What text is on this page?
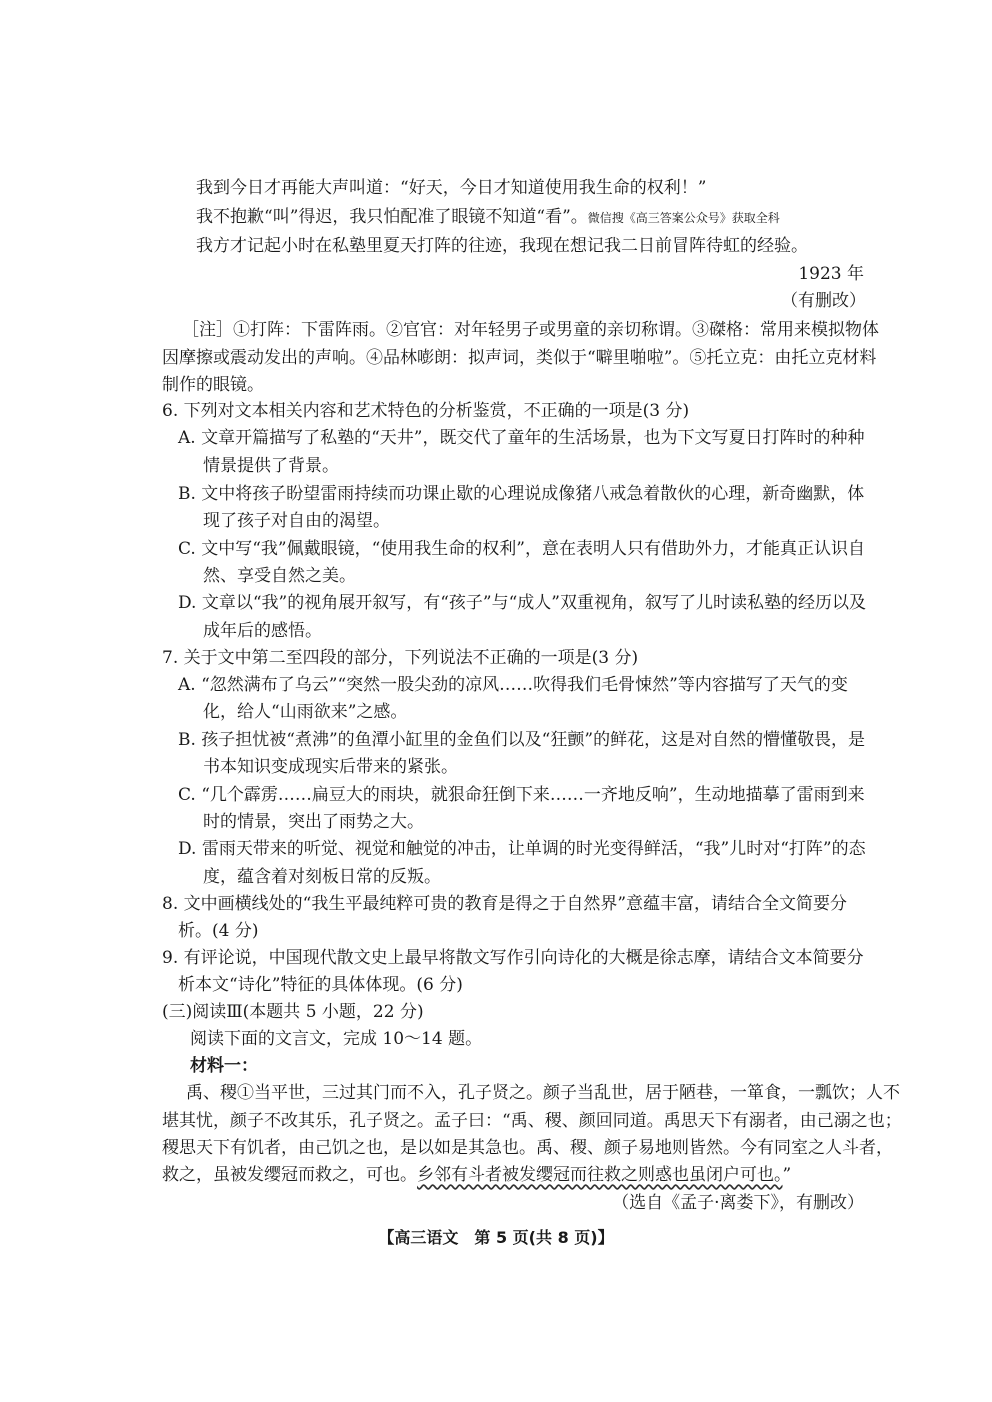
我到今日才再能大声叫道：“好天，今日才知道使用我生命的权利！”
我不抱歉“叫”得迟，我只怕配准了眼镜不知道“看”。微信搜《高三答案公众号》获取全科
我方才记起小时在私塾里夏天打阵的往迹，我现在想记我二日前冒阵待虹的经验。
1923 年
（有删改）
［注］①打阵：下雷阵雨。②官官：对年轻男子或男童的亲切称谓。③磔格：常用来模拟物体
因摩擦或震动发出的声响。④品林嘭朗：拟声词，类似于“噼里啪啦”。⑤托立克：由托立克材料
制作的眼镜。
6. 下列对文本相关内容和艺术特色的分析鉴赏，不正确的一项是(3 分)
A. 文章开篇描写了私塾的“天井”，既交代了童年的生活场景，也为下文写夏日打阵时的种种
情景提供了背景。
B. 文中将孩子盼望雷雨持续而功课止歇的心理说成像猪八戒急着散伙的心理，新奇幽默，体
现了孩子对自由的渴望。
C. 文中写“我”佩戴眼镜，“使用我生命的权利”，意在表明人只有借助外力，才能真正认识自
然、享受自然之美。
D. 文章以“我”的视角展开叙写，有“孩子”与“成人”双重视角，叙写了儿时读私塾的经历以及
成年后的感悟。
7. 关于文中第二至四段的部分，下列说法不正确的一项是(3 分)
A. “忽然满布了乌云”“突然一股尖劲的凉风……吹得我们毛骨悚然”等内容描写了天气的变
化，给人“山雨欲来”之感。
B. 孩子担忧被“煮沸”的鱼潭小缸里的金鱼们以及“狂颤”的鲜花，这是对自然的懵懂敬畏，是
书本知识变成现实后带来的紧张。
C. “几个霹雳……扁豆大的雨块，就狠命狂倒下来……一齐地反响”，生动地描摹了雷雨到来
时的情景，突出了雨势之大。
D. 雷雨天带来的听觉、视觉和触觉的冲击，让单调的时光变得鲜活，“我”儿时对“打阵”的态
度，蕴含着对刻板日常的反叛。
8. 文中画横线处的“我生平最纯粹可贵的教育是得之于自然界”意蕴丰富，请结合全文简要分
析。(4 分)
9. 有评论说，中国现代散文史上最早将散文写作引向诗化的大概是徐志摩，请结合文本简要分
析本文“诗化”特征的具体体现。(6 分)
(三)阅读Ⅲ(本题共 5 小题，22 分)
阅读下面的文言文，完成 10～14 题。
材料一：
禹、稷①当平世，三过其门而不入，孔子贤之。颜子当乱世，居于陋巷，一箪食，一瓢饮；人不
堪其忧，颜子不改其乐，孔子贤之。孟子曰：“禹、稷、颜回同道。禹思天下有溺者，由己溺之也；
稷思天下有饥者，由己饥之也，是以如是其急也。禹、稷、颜子易地则皆然。今有同室之人斗者，
救之，虽被发缨冠而救之，可也。乡邻有斗者被发缨冠而往救之则惑也虽闭户可也。”
（选自《孟子·离娄下》，有删改）
【高三语文　第 5 页(共 8 页)】
